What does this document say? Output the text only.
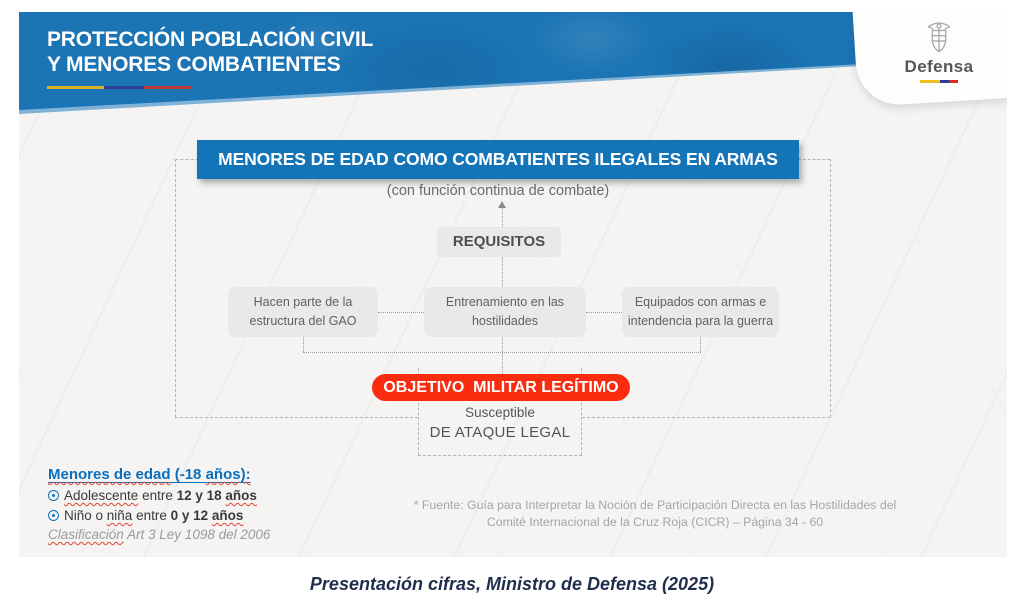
PROTECCIÓN POBLACIÓN CIVIL
Y MENORES COMBATIENTES	Defensa
MENORES DE EDAD COMO COMBATIENTES ILEGALES EN ARMAS
(con función continua de combate)
REQUISITOS
Hacen parte de la
estructura del GAO
Entrenamiento en las
hostilidades
Equipados con armas e
intendencia para la guerra
OBJETIVO  MILITAR LEGÍTIMO
Susceptible
DE ATAQUE LEGAL
Menores de edad (-18 años):
Adolescente entre 12 y 18 años
Niño o niña entre 0 y 12 años
Clasificación Art 3 Ley 1098 del 2006
* Fuente: Guía para Interpretar la Noción de Participación Directa en las Hostilidades del
Comité Internacional de la Cruz Roja (CICR) – Página 34 - 60
Presentación cifras, Ministro de Defensa (2025)
